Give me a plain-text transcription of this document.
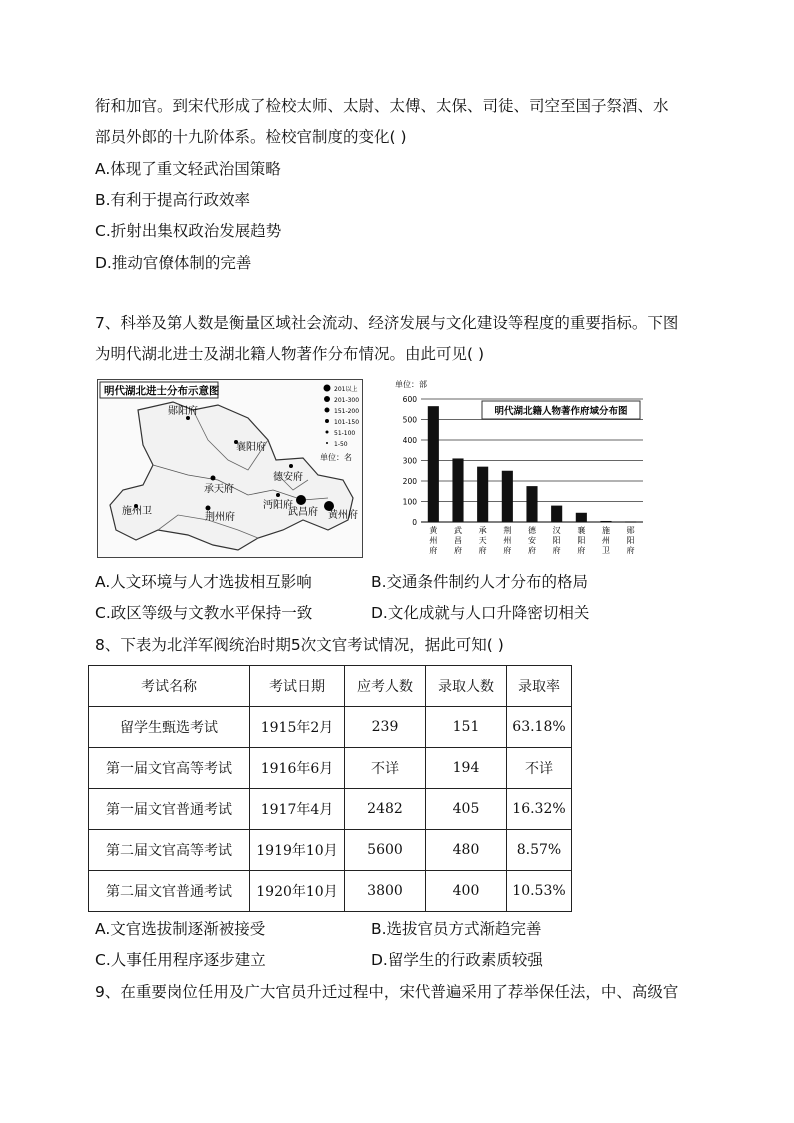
衔和加官。到宋代形成了检校太师、太尉、太傅、太保、司徒、司空至国子祭酒、水
部员外郎的十九阶体系。检校官制度的变化( )
A.体现了重文轻武治国策略
B.有利于提高行政效率
C.折射出集权政治发展趋势
D.推动官僚体制的完善
7、科举及第人数是衡量区域社会流动、经济发展与文化建设等程度的重要指标。下图
为明代湖北进士及湖北籍人物著作分布情况。由此可见( )
明代湖北进士分布示意图	201以上
201-300
151-200
101-150
51-100
1-50
单位：名
郧阳府
襄阳府
德安府
承天府
沔阳府
荆州府
施州卫	武昌府 黄州府
单位：部
黄州府
武昌府
承天府
荆州府
德安府
汉阳府
襄阳府
施州卫
郧阳府
0
100
200
300
400
500
600
明代湖北籍人物著作府域分布图
A.人文环境与人才选拔相互影响	B.交通条件制约人才分布的格局
C.政区等级与文教水平保持一致	D.文化成就与人口升降密切相关
8、下表为北洋军阀统治时期5次文官考试情况，据此可知( )
考试名称	考试日期	应考人数	录取人数	录取率
留学生甄选考试	1915年2月	239	151	63.18%
第一届文官高等考试	1916年6月	不详	194	不详
第一届文官普通考试	1917年4月	2482	405	16.32%
第二届文官高等考试	1919年10月	5600	480	8.57%
第二届文官普通考试	1920年10月	3800	400	10.53%
A.文官选拔制逐渐被接受	B.选拔官员方式渐趋完善
C.人事任用程序逐步建立	D.留学生的行政素质较强
9、在重要岗位任用及广大官员升迁过程中，宋代普遍采用了荐举保任法，中、高级官
